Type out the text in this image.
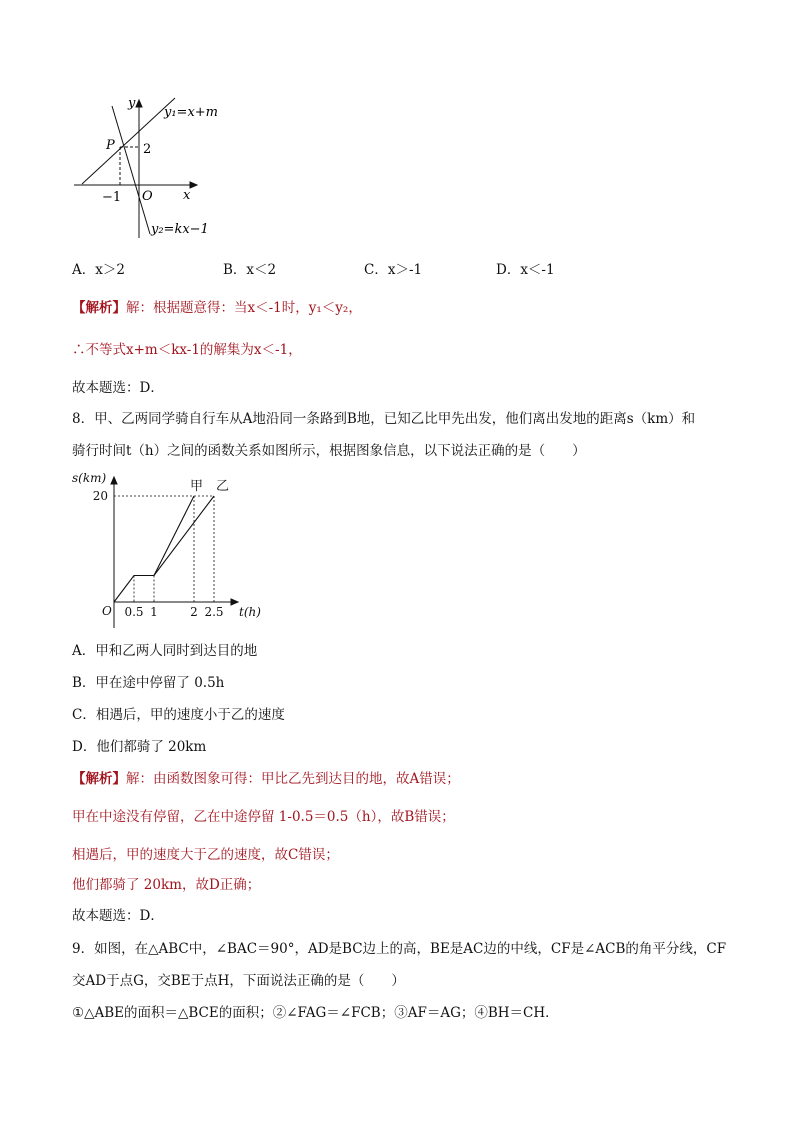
y
x
y₁=x+m
y₂=kx−1
P 2
−1 O
A．x＞2	B．x＜2	C．x＞-1	D．x＜-1
【解析】解：根据题意得：当x＜-1时，y₁＜y₂，
∴不等式x+m＜kx-1的解集为x＜-1，
故本题选：D．
8．甲、乙两同学骑自行车从A地沿同一条路到B地，已知乙比甲先出发，他们离出发地的距离s（km）和
骑行时间t（h）之间的函数关系如图所示，根据图象信息，以下说法正确的是（　　）
0.5 1	2 2.5
20
甲 乙
s(km)
t(h)
O
A．甲和乙两人同时到达目的地
B．甲在途中停留了 0.5h
C．相遇后，甲的速度小于乙的速度
D．他们都骑了 20km
【解析】解：由函数图象可得：甲比乙先到达目的地，故A错误；
甲在中途没有停留，乙在中途停留 1-0.5＝0.5（h），故B错误；
相遇后，甲的速度大于乙的速度，故C错误；
他们都骑了 20km，故D正确；
故本题选：D．
9．如图，在△ABC中，∠BAC＝90°，AD是BC边上的高，BE是AC边的中线，CF是∠ACB的角平分线，CF
交AD于点G，交BE于点H，下面说法正确的是（　　）
①△ABE的面积＝△BCE的面积；②∠FAG＝∠FCB；③AF＝AG；④BH＝CH．
